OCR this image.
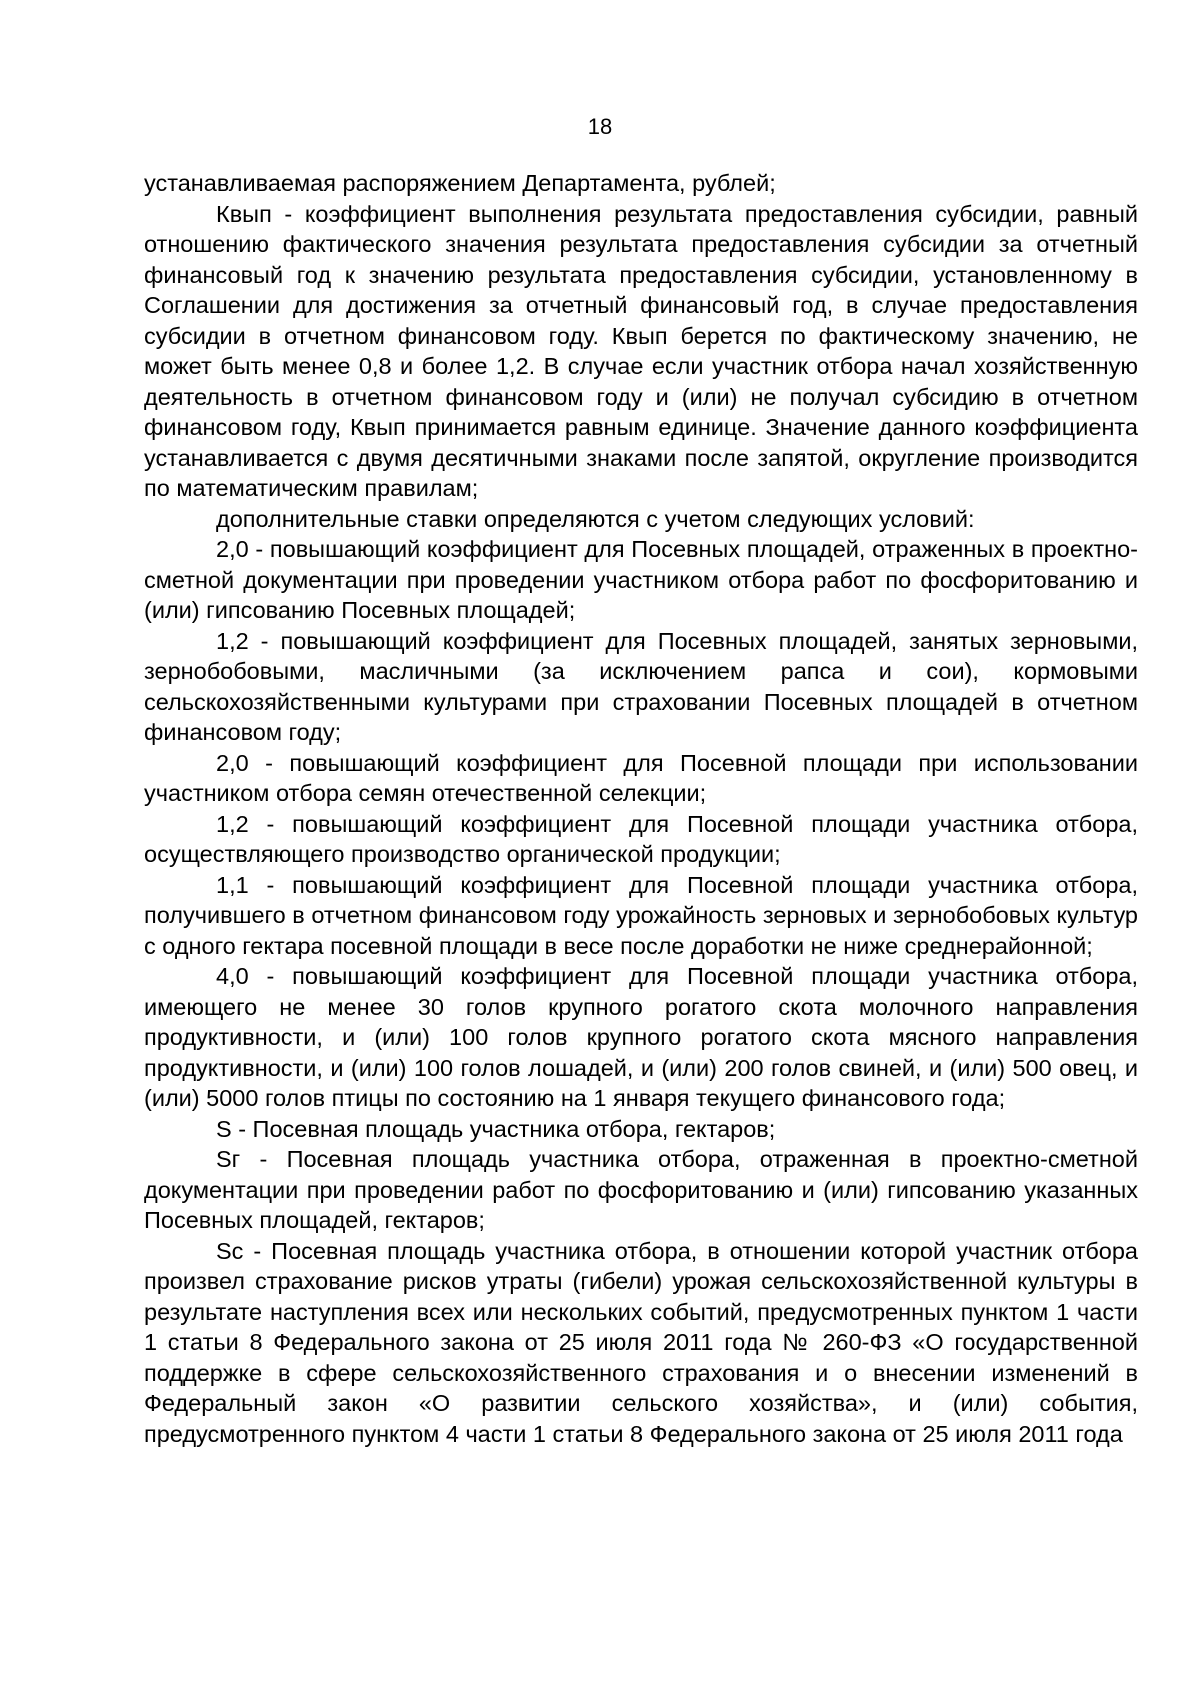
18

устанавливаемая распоряжением Департамента, рублей;

Квып - коэффициент выполнения результата предоставления субсидии, равный отношению фактического значения результата предоставления субсидии за отчетный финансовый год к значению результата предоставления субсидии, установленному в Соглашении для достижения за отчетный финансовый год, в случае предоставления субсидии в отчетном финансовом году. Квып берется по фактическому значению, не может быть менее 0,8 и более 1,2. В случае если участник отбора начал хозяйственную деятельность в отчетном финансовом году и (или) не получал субсидию в отчетном финансовом году, Квып принимается равным единице. Значение данного коэффициента устанавливается с двумя десятичными знаками после запятой, округление производится по математическим правилам;

дополнительные ставки определяются с учетом следующих условий:

2,0 - повышающий коэффициент для Посевных площадей, отраженных в проектно-сметной документации при проведении участником отбора работ по фосфоритованию и (или) гипсованию Посевных площадей;

1,2 - повышающий коэффициент для Посевных площадей, занятых зерновыми, зернобобовыми, масличными (за исключением рапса и сои), кормовыми сельскохозяйственными культурами при страховании Посевных площадей в отчетном финансовом году;

2,0 - повышающий коэффициент для Посевной площади при использовании участником отбора семян отечественной селекции;

1,2 - повышающий коэффициент для Посевной площади участника отбора, осуществляющего производство органической продукции;

1,1 - повышающий коэффициент для Посевной площади участника отбора, получившего в отчетном финансовом году урожайность зерновых и зернобобовых культур с одного гектара посевной площади в весе после доработки не ниже среднерайонной;

4,0 - повышающий коэффициент для Посевной площади участника отбора, имеющего не менее 30 голов крупного рогатого скота молочного направления продуктивности, и (или) 100 голов крупного рогатого скота мясного направления продуктивности, и (или) 100 голов лошадей, и (или) 200 голов свиней, и (или) 500 овец, и (или) 5000 голов птицы по состоянию на 1 января текущего финансового года;

S - Посевная площадь участника отбора, гектаров;

Sг - Посевная площадь участника отбора, отраженная в проектно-сметной документации при проведении работ по фосфоритованию и (или) гипсованию указанных Посевных площадей, гектаров;

Sс - Посевная площадь участника отбора, в отношении которой участник отбора произвел страхование рисков утраты (гибели) урожая сельскохозяйственной культуры в результате наступления всех или нескольких событий, предусмотренных пунктом 1 части 1 статьи 8 Федерального закона от 25 июля 2011 года № 260-ФЗ «О государственной поддержке в сфере сельскохозяйственного страхования и о внесении изменений в Федеральный закон «О развитии сельского хозяйства», и (или) события, предусмотренного пунктом 4 части 1 статьи 8 Федерального закона от 25 июля 2011 года
